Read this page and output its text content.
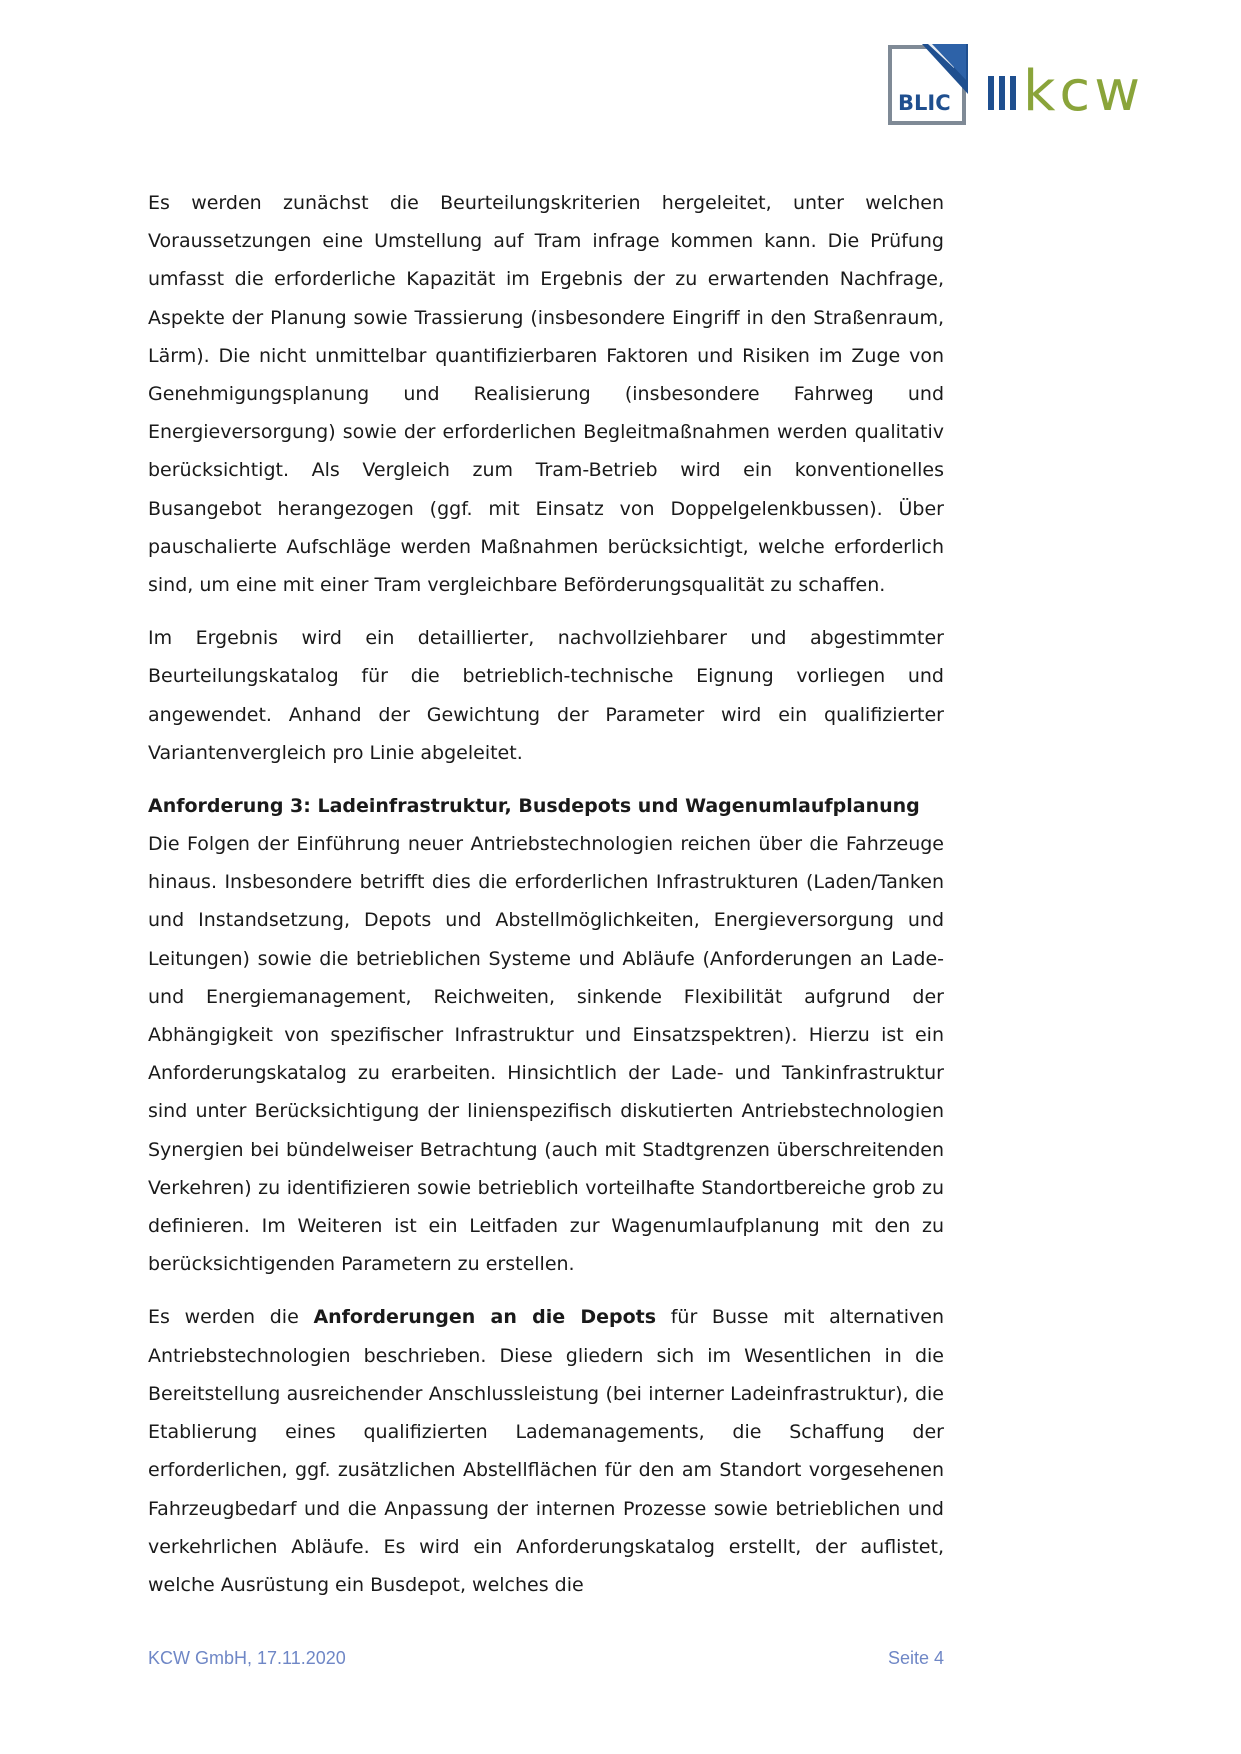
BLIC kcw

Es werden zunächst die Beurteilungskriterien hergeleitet, unter welchen Voraussetzungen eine Umstellung auf Tram infrage kommen kann. Die Prüfung umfasst die erforderliche Kapazität im Ergebnis der zu erwartenden Nachfrage, Aspekte der Planung sowie Trassierung (insbesondere Eingriff in den Straßenraum, Lärm). Die nicht unmittelbar quantifizierbaren Faktoren und Risiken im Zuge von Genehmigungsplanung und Realisierung (insbesondere Fahrweg und Energieversorgung) sowie der erforderlichen Begleitmaßnahmen werden qualitativ berücksichtigt. Als Vergleich zum Tram-Betrieb wird ein konventionelles Busangebot herangezogen (ggf. mit Einsatz von Doppelgelenkbussen). Über pauschalierte Aufschläge werden Maßnahmen berücksichtigt, welche erforderlich sind, um eine mit einer Tram vergleichbare Beförderungsqualität zu schaffen.

Im Ergebnis wird ein detaillierter, nachvollziehbarer und abgestimmter Beurteilungskatalog für die betrieblich-technische Eignung vorliegen und angewendet. Anhand der Gewichtung der Parameter wird ein qualifizierter Variantenvergleich pro Linie abgeleitet.

Anforderung 3: Ladeinfrastruktur, Busdepots und Wagenumlaufplanung

Die Folgen der Einführung neuer Antriebstechnologien reichen über die Fahrzeuge hinaus. Insbesondere betrifft dies die erforderlichen Infrastrukturen (Laden/Tanken und Instandsetzung, Depots und Abstellmöglichkeiten, Energieversorgung und Leitungen) sowie die betrieblichen Systeme und Abläufe (Anforderungen an Lade- und Energiemanagement, Reichweiten, sinkende Flexibilität aufgrund der Abhängigkeit von spezifischer Infrastruktur und Einsatzspektren). Hierzu ist ein Anforderungskatalog zu erarbeiten. Hinsichtlich der Lade- und Tankinfrastruktur sind unter Berücksichtigung der linienspezifisch diskutierten Antriebstechnologien Synergien bei bündelweiser Betrachtung (auch mit Stadtgrenzen überschreitenden Verkehren) zu identifizieren sowie betrieblich vorteilhafte Standortbereiche grob zu definieren. Im Weiteren ist ein Leitfaden zur Wagenumlaufplanung mit den zu berücksichtigenden Parametern zu erstellen.

Es werden die Anforderungen an die Depots für Busse mit alternativen Antriebstechnologien beschrieben. Diese gliedern sich im Wesentlichen in die Bereitstellung ausreichender Anschlussleistung (bei interner Ladeinfrastruktur), die Etablierung eines qualifizierten Lademanagements, die Schaffung der erforderlichen, ggf. zusätzlichen Abstellflächen für den am Standort vorgesehenen Fahrzeugbedarf und die Anpassung der internen Prozesse sowie betrieblichen und verkehrlichen Abläufe. Es wird ein Anforderungskatalog erstellt, der auflistet, welche Ausrüstung ein Busdepot, welches die

KCW GmbH, 17.11.2020	Seite 4
